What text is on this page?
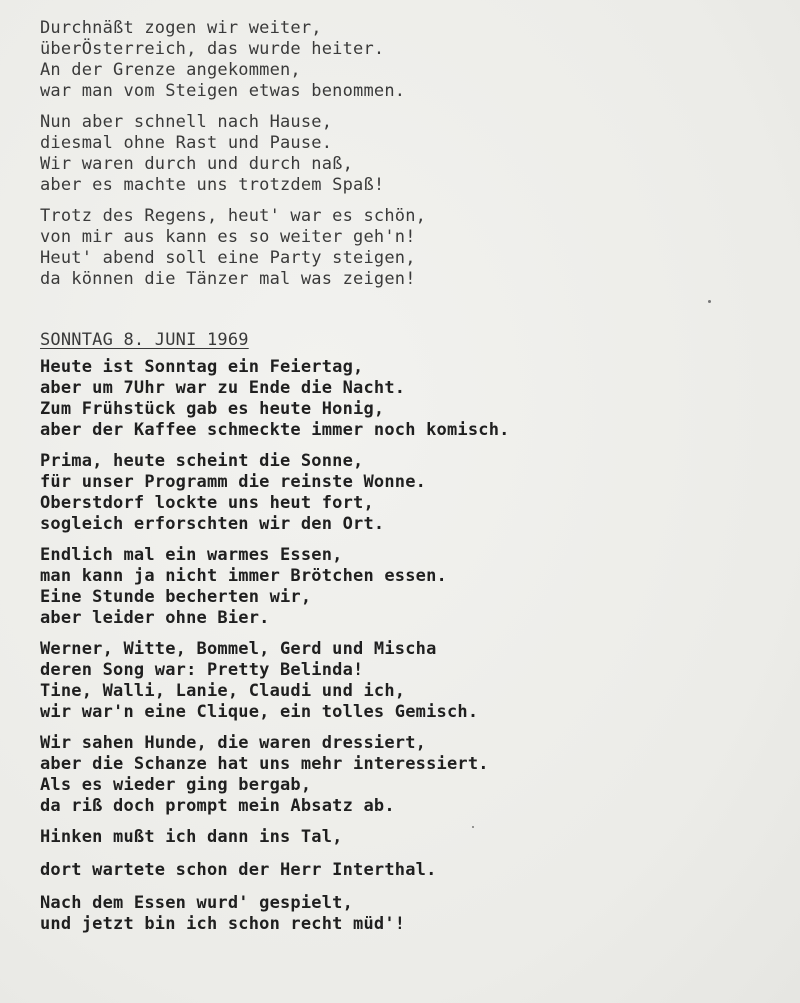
Durchnäßt zogen wir weiter,
überÖsterreich, das wurde heiter.
An der Grenze angekommen,
war man vom Steigen etwas benommen.
Nun aber schnell nach Hause,
diesmal ohne Rast und Pause.
Wir waren durch und durch naß,
aber es machte uns trotzdem Spaß!
Trotz des Regens, heut' war es schön,
von mir aus kann es so weiter geh'n!
Heut' abend soll eine Party steigen,
da können die Tänzer mal was zeigen!
SONNTAG 8. JUNI 1969
Heute ist Sonntag ein Feiertag,
aber um 7Uhr war zu Ende die Nacht.
Zum Frühstück gab es heute Honig,
aber der Kaffee schmeckte immer noch komisch.
Prima, heute scheint die Sonne,
für unser Programm die reinste Wonne.
Oberstdorf lockte uns heut fort,
sogleich erforschten wir den Ort.
Endlich mal ein warmes Essen,
man kann ja nicht immer Brötchen essen.
Eine Stunde becherten wir,
aber leider ohne Bier.
Werner, Witte, Bommel, Gerd und Mischa
deren Song war: Pretty Belinda!
Tine, Walli, Lanie, Claudi und ich,
wir war'n eine Clique, ein tolles Gemisch.
Wir sahen Hunde, die waren dressiert,
aber die Schanze hat uns mehr interessiert.
Als es wieder ging bergab,
da riß doch prompt mein Absatz ab.
Hinken mußt ich dann ins Tal,
dort wartete schon der Herr Interthal.
Nach dem Essen wurd' gespielt,
und jetzt bin ich schon recht müd'!
